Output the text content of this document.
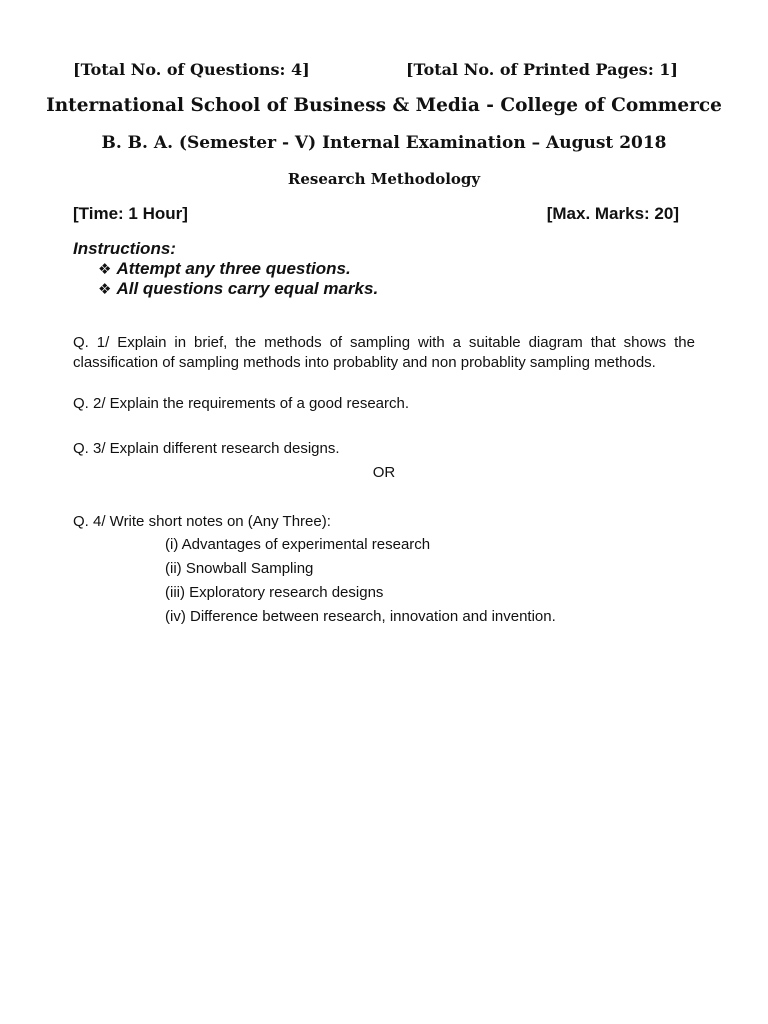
[Total No. of Questions: 4]	[Total No. of Printed Pages: 1]
International School of Business & Media - College of Commerce
B. B. A. (Semester - V) Internal Examination – August 2018
Research Methodology
[Time: 1 Hour]	[Max. Marks: 20]
Instructions:
❖ Attempt any three questions.
❖ All questions carry equal marks.
Q. 1/ Explain in brief, the methods of sampling with a suitable diagram that shows the classification of sampling methods into probablity and non probablity sampling methods.
Q. 2/ Explain the requirements of a good research.
Q. 3/ Explain different research designs.
OR
Q. 4/ Write short notes on (Any Three):
(i) Advantages of experimental research
(ii) Snowball Sampling
(iii) Exploratory research designs
(iv) Difference between research, innovation and invention.
